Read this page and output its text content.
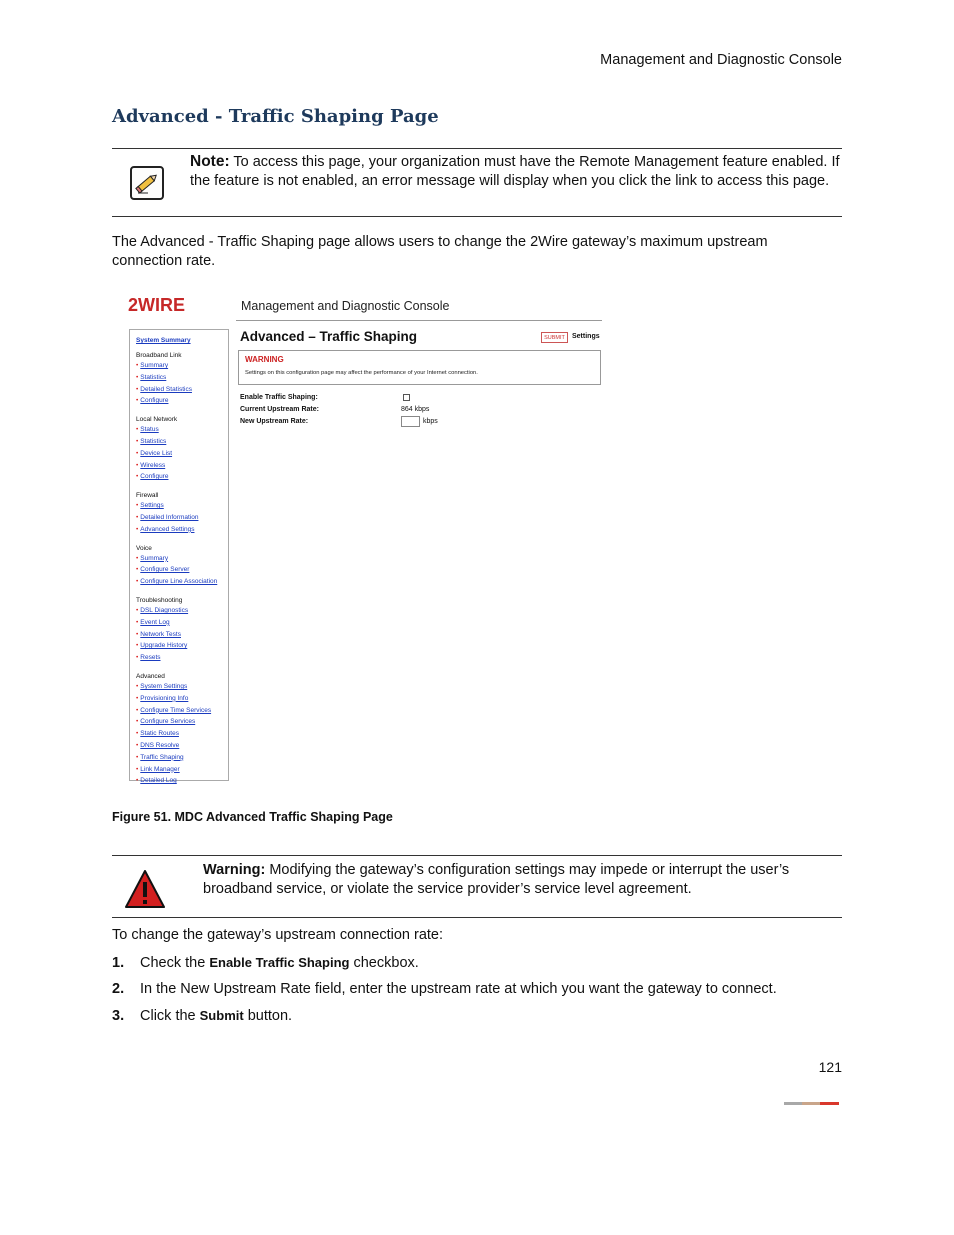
Management and Diagnostic Console
Advanced - Traffic Shaping Page
Note: To access this page, your organization must have the Remote Management feature enabled. If the feature is not enabled, an error message will display when you click the link to access this page.
The Advanced - Traffic Shaping page allows users to change the 2Wire gateway’s maximum upstream connection rate.
2WIRE	Management and Diagnostic Console
System Summary
Broadband Link
• Summary
• Statistics
• Detailed Statistics
• Configure
Local Network
• Status
• Statistics
• Device List
• Wireless
• Configure
Firewall
• Settings
• Detailed Information
• Advanced Settings
Voice
• Summary
• Configure Server
• Configure Line Association
Troubleshooting
• DSL Diagnostics
• Event Log
• Network Tests
• Upgrade History
• Resets
Advanced
• System Settings
• Provisioning Info
• Configure Time Services
• Configure Services
• Static Routes
• DNS Resolve
• Traffic Shaping
• Link Manager
• Detailed Log
Advanced – Traffic Shaping	SUBMIT	Settings
WARNING
Settings on this configuration page may affect the performance of your Internet connection.
Enable Traffic Shaping:
Current Upstream Rate:	864 kbps
New Upstream Rate:	kbps
Figure 51. MDC Advanced Traffic Shaping Page
Warning: Modifying the gateway’s configuration settings may impede or interrupt the user’s broadband service, or violate the service provider’s service level agreement.
To change the gateway’s upstream connection rate:
1. Check the Enable Traffic Shaping checkbox.
2. In the New Upstream Rate field, enter the upstream rate at which you want the gateway to connect.
3. Click the Submit button.
121
